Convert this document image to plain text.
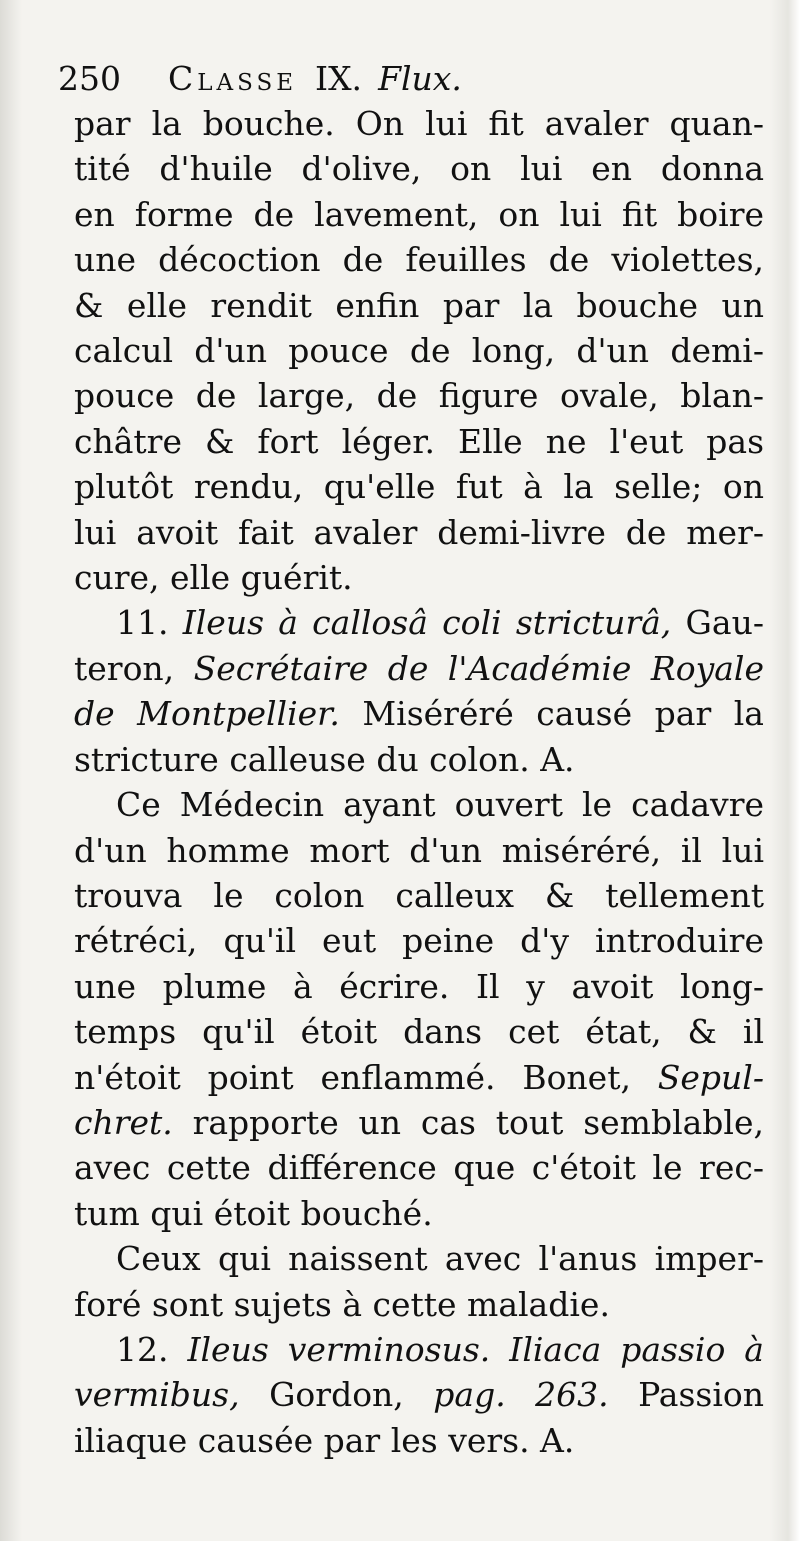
250	Classe IX. Flux.
par la bouche. On lui fit avaler quan-
tité d'huile d'olive, on lui en donna
en forme de lavement, on lui fit boire
une décoction de feuilles de violettes,
& elle rendit enfin par la bouche un
calcul d'un pouce de long, d'un demi-
pouce de large, de figure ovale, blan-
châtre & fort léger. Elle ne l'eut pas
plutôt rendu, qu'elle fut à la selle; on
lui avoit fait avaler demi-livre de mer-
cure, elle guérit.
11. Ileus à callosâ coli stricturâ, Gau-
teron, Secrétaire de l'Académie Royale
de Montpellier. Miséréré causé par la
stricture calleuse du colon. A.
Ce Médecin ayant ouvert le cadavre
d'un homme mort d'un miséréré, il lui
trouva le colon calleux & tellement
rétréci, qu'il eut peine d'y introduire
une plume à écrire. Il y avoit long-
temps qu'il étoit dans cet état, & il
n'étoit point enflammé. Bonet, Sepul-
chret. rapporte un cas tout semblable,
avec cette différence que c'étoit le rec-
tum qui étoit bouché.
Ceux qui naissent avec l'anus imper-
foré sont sujets à cette maladie.
12. Ileus verminosus. Iliaca passio à
vermibus, Gordon, pag. 263. Passion
iliaque causée par les vers. A.
